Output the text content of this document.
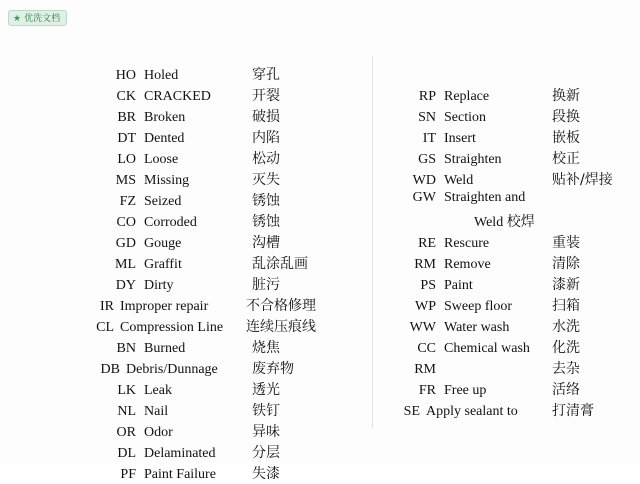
★ 优洗文档
HO Holed	穿孔
CK CRACKED	开裂
BR Broken	破损
DT Dented	内陷
LO Loose	松动
MS Missing	灭失
FZ Seized	锈蚀
CO Corroded	锈蚀
GD Gouge	沟槽
ML Graffit	乱涂乱画
DY Dirty	脏污
IR Improper repair	不合格修理
CL Compression Line	连续压痕线
BN Burned	烧焦
DB Debris/Dunnage	废弃物
LK Leak	透光
NL Nail	铁钉
OR Odor	异味
DL Delaminated	分层
PF Paint Failure	失漆
RP Replace	换新
SN Section	段换
IT Insert	嵌板
GS Straighten	校正
WD Weld	贴补/焊接
GW Straighten and
Weld 校焊
RE Rescure	重装
RM Remove	清除
PS Paint	漆新
WP Sweep floor	扫箱
WW Water wash	水洗
CC Chemical wash	化洗
RM	去杂
FR Free up	活络
SE Apply sealant to	打清膏
